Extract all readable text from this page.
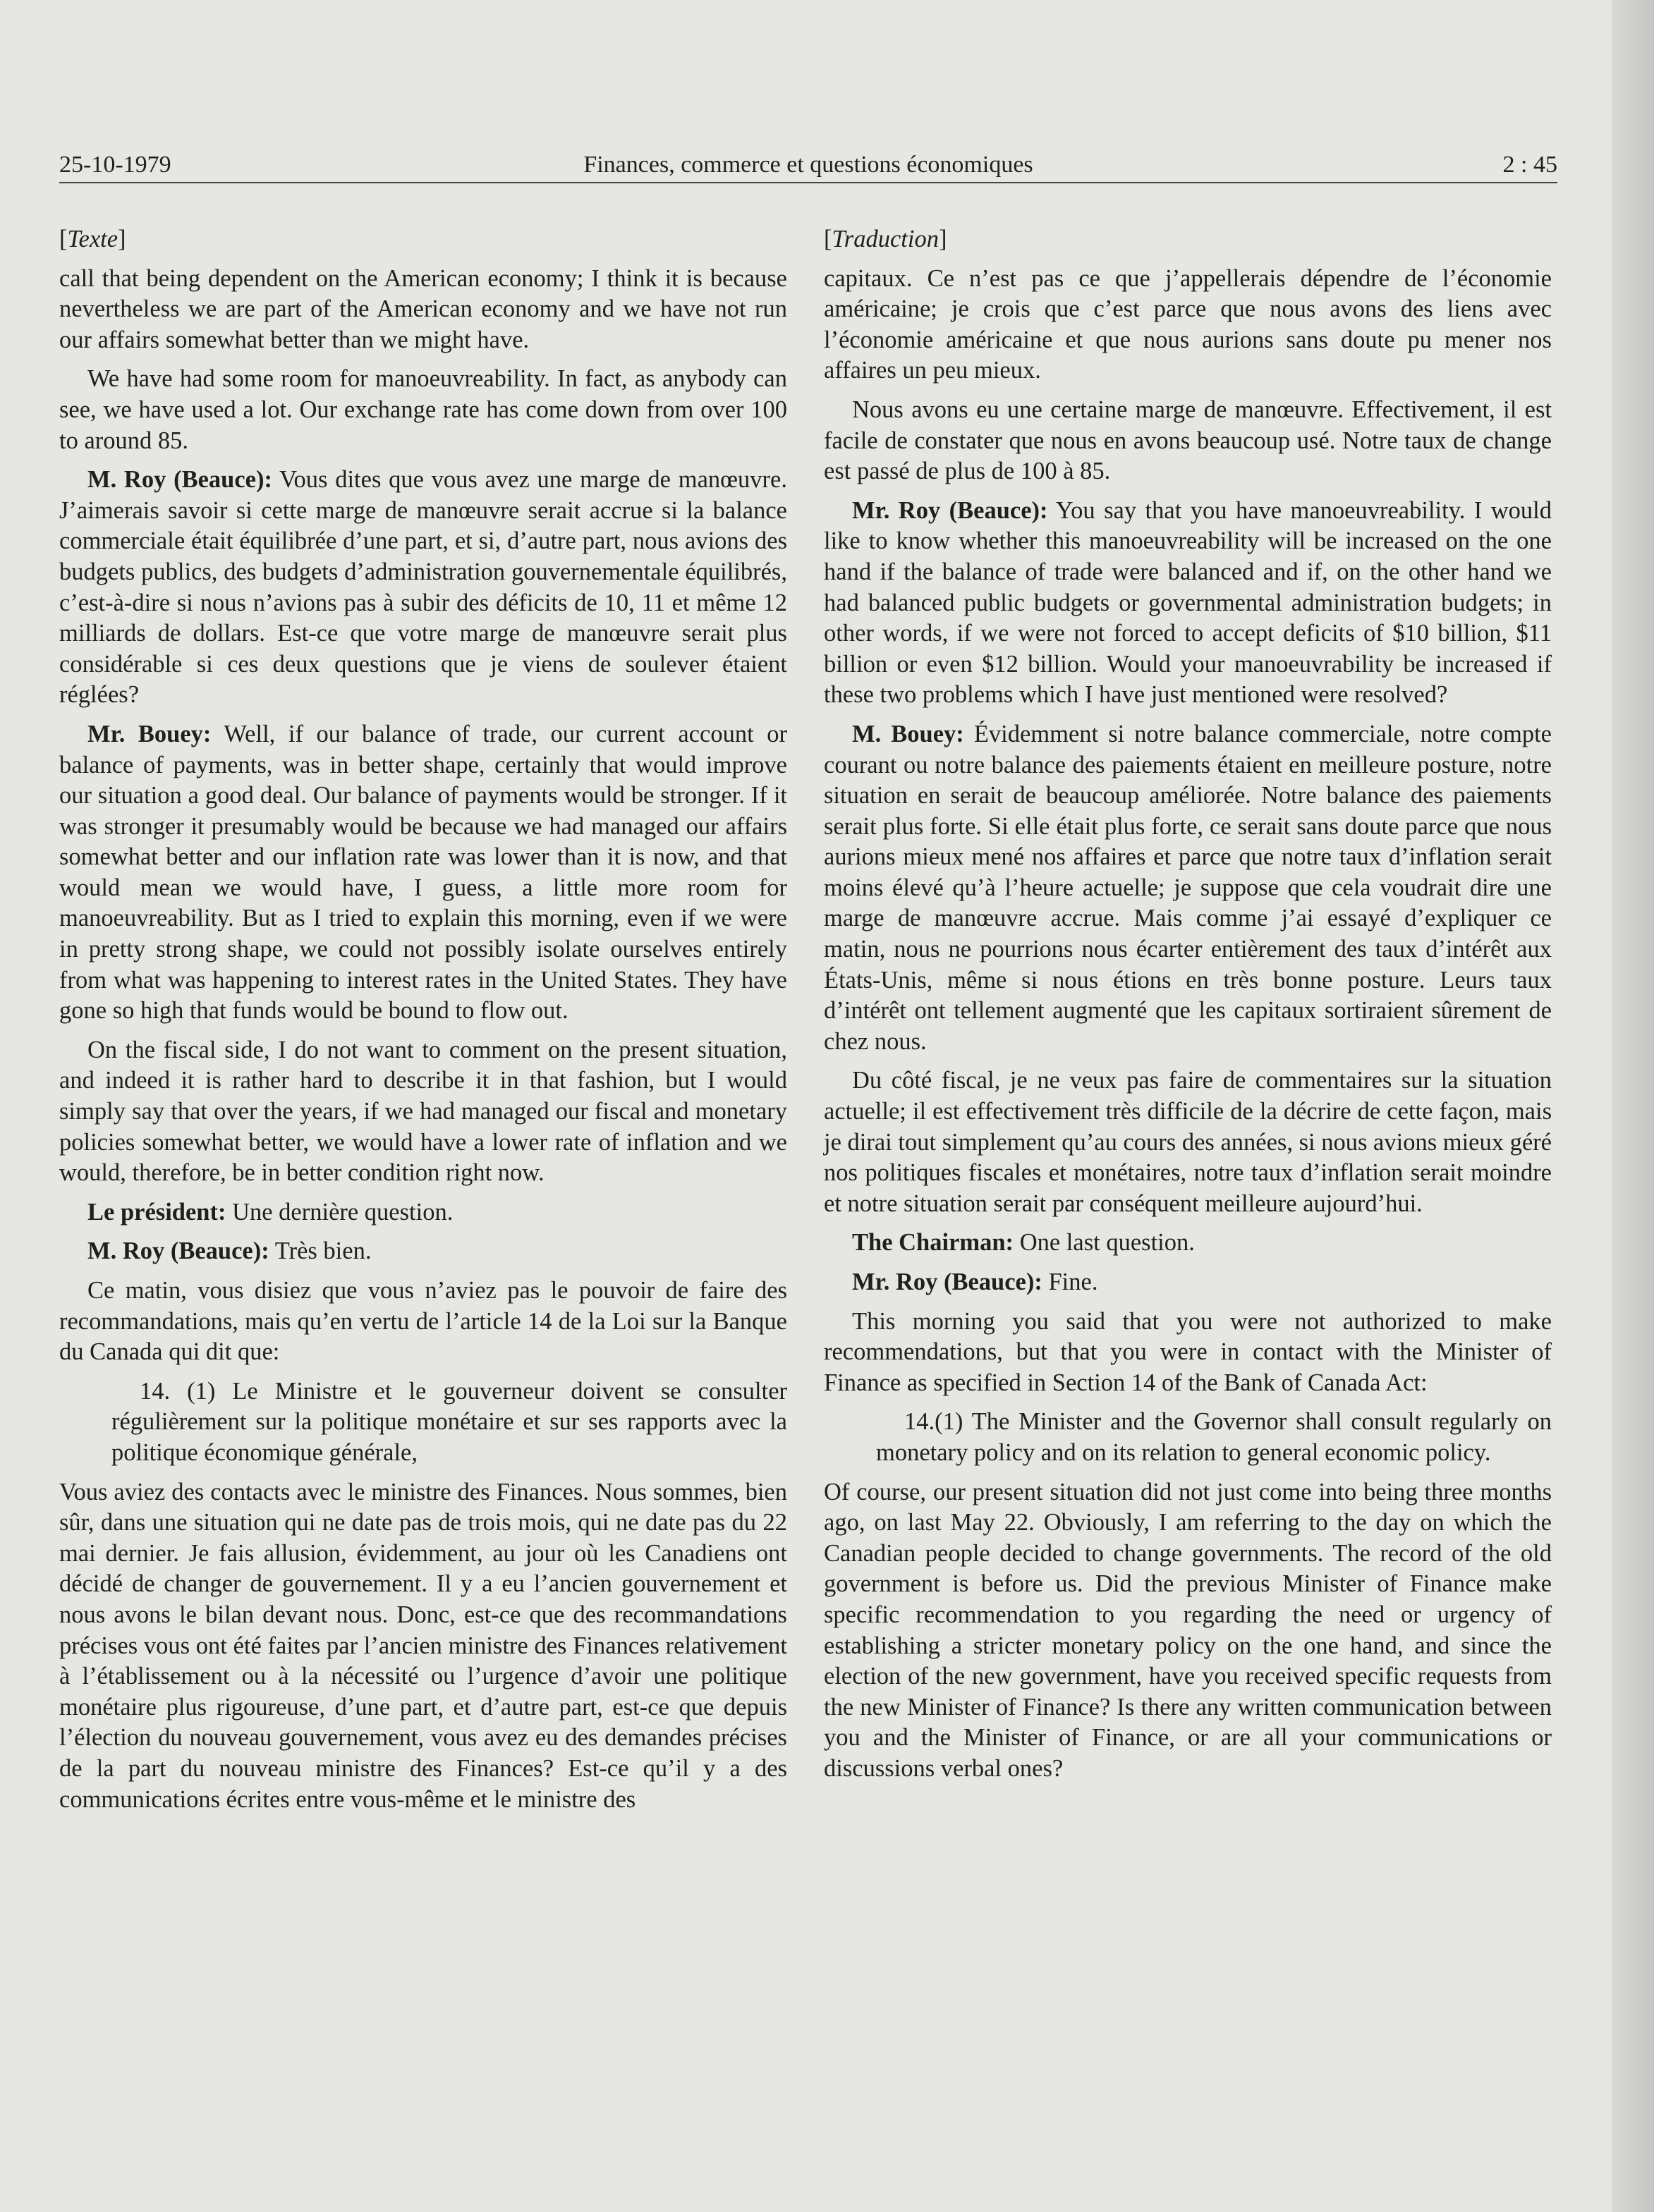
25-10-1979	Finances, commerce et questions économiques	2 : 45

[Texte]

call that being dependent on the American economy; I think it is because nevertheless we are part of the American economy and we have not run our affairs somewhat better than we might have.

We have had some room for manoeuvreability. In fact, as anybody can see, we have used a lot. Our exchange rate has come down from over 100 to around 85.

M. Roy (Beauce): Vous dites que vous avez une marge de manœuvre. J’aimerais savoir si cette marge de manœuvre serait accrue si la balance commerciale était équilibrée d’une part, et si, d’autre part, nous avions des budgets publics, des budgets d’administration gouvernementale équilibrés, c’est-à-dire si nous n’avions pas à subir des déficits de 10, 11 et même 12 milliards de dollars. Est-ce que votre marge de manœuvre serait plus considérable si ces deux questions que je viens de soulever étaient réglées?

Mr. Bouey: Well, if our balance of trade, our current account or balance of payments, was in better shape, certainly that would improve our situation a good deal. Our balance of payments would be stronger. If it was stronger it presumably would be because we had managed our affairs somewhat better and our inflation rate was lower than it is now, and that would mean we would have, I guess, a little more room for manoeuvreability. But as I tried to explain this morning, even if we were in pretty strong shape, we could not possibly isolate ourselves entirely from what was happening to interest rates in the United States. They have gone so high that funds would be bound to flow out.

On the fiscal side, I do not want to comment on the present situation, and indeed it is rather hard to describe it in that fashion, but I would simply say that over the years, if we had managed our fiscal and monetary policies somewhat better, we would have a lower rate of inflation and we would, therefore, be in better condition right now.

Le président: Une dernière question.

M. Roy (Beauce): Très bien.

Ce matin, vous disiez que vous n’aviez pas le pouvoir de faire des recommandations, mais qu’en vertu de l’article 14 de la Loi sur la Banque du Canada qui dit que:

14. (1) Le Ministre et le gouverneur doivent se consulter régulièrement sur la politique monétaire et sur ses rapports avec la politique économique générale,

Vous aviez des contacts avec le ministre des Finances. Nous sommes, bien sûr, dans une situation qui ne date pas de trois mois, qui ne date pas du 22 mai dernier. Je fais allusion, évidemment, au jour où les Canadiens ont décidé de changer de gouvernement. Il y a eu l’ancien gouvernement et nous avons le bilan devant nous. Donc, est-ce que des recommandations précises vous ont été faites par l’ancien ministre des Finances relativement à l’établissement ou à la nécessité ou l’urgence d’avoir une politique monétaire plus rigoureuse, d’une part, et d’autre part, est-ce que depuis l’élection du nouveau gouvernement, vous avez eu des demandes précises de la part du nouveau ministre des Finances? Est-ce qu’il y a des communications écrites entre vous-même et le ministre des

[Traduction]

capitaux. Ce n’est pas ce que j’appellerais dépendre de l’économie américaine; je crois que c’est parce que nous avons des liens avec l’économie américaine et que nous aurions sans doute pu mener nos affaires un peu mieux.

Nous avons eu une certaine marge de manœuvre. Effectivement, il est facile de constater que nous en avons beaucoup usé. Notre taux de change est passé de plus de 100 à 85.

Mr. Roy (Beauce): You say that you have manoeuvreability. I would like to know whether this manoeuvreability will be increased on the one hand if the balance of trade were balanced and if, on the other hand we had balanced public budgets or governmental administration budgets; in other words, if we were not forced to accept deficits of $10 billion, $11 billion or even $12 billion. Would your manoeuvrability be increased if these two problems which I have just mentioned were resolved?

M. Bouey: Évidemment si notre balance commerciale, notre compte courant ou notre balance des paiements étaient en meilleure posture, notre situation en serait de beaucoup améliorée. Notre balance des paiements serait plus forte. Si elle était plus forte, ce serait sans doute parce que nous aurions mieux mené nos affaires et parce que notre taux d’inflation serait moins élevé qu’à l’heure actuelle; je suppose que cela voudrait dire une marge de manœuvre accrue. Mais comme j’ai essayé d’expliquer ce matin, nous ne pourrions nous écarter entièrement des taux d’intérêt aux États-Unis, même si nous étions en très bonne posture. Leurs taux d’intérêt ont tellement augmenté que les capitaux sortiraient sûrement de chez nous.

Du côté fiscal, je ne veux pas faire de commentaires sur la situation actuelle; il est effectivement très difficile de la décrire de cette façon, mais je dirai tout simplement qu’au cours des années, si nous avions mieux géré nos politiques fiscales et monétaires, notre taux d’inflation serait moindre et notre situation serait par conséquent meilleure aujourd’hui.

The Chairman: One last question.

Mr. Roy (Beauce): Fine.

This morning you said that you were not authorized to make recommendations, but that you were in contact with the Minister of Finance as specified in Section 14 of the Bank of Canada Act:

14.(1) The Minister and the Governor shall consult regularly on monetary policy and on its relation to general economic policy.

Of course, our present situation did not just come into being three months ago, on last May 22. Obviously, I am referring to the day on which the Canadian people decided to change governments. The record of the old government is before us. Did the previous Minister of Finance make specific recommendation to you regarding the need or urgency of establishing a stricter monetary policy on the one hand, and since the election of the new government, have you received specific requests from the new Minister of Finance? Is there any written communication between you and the Minister of Finance, or are all your communications or discussions verbal ones?
